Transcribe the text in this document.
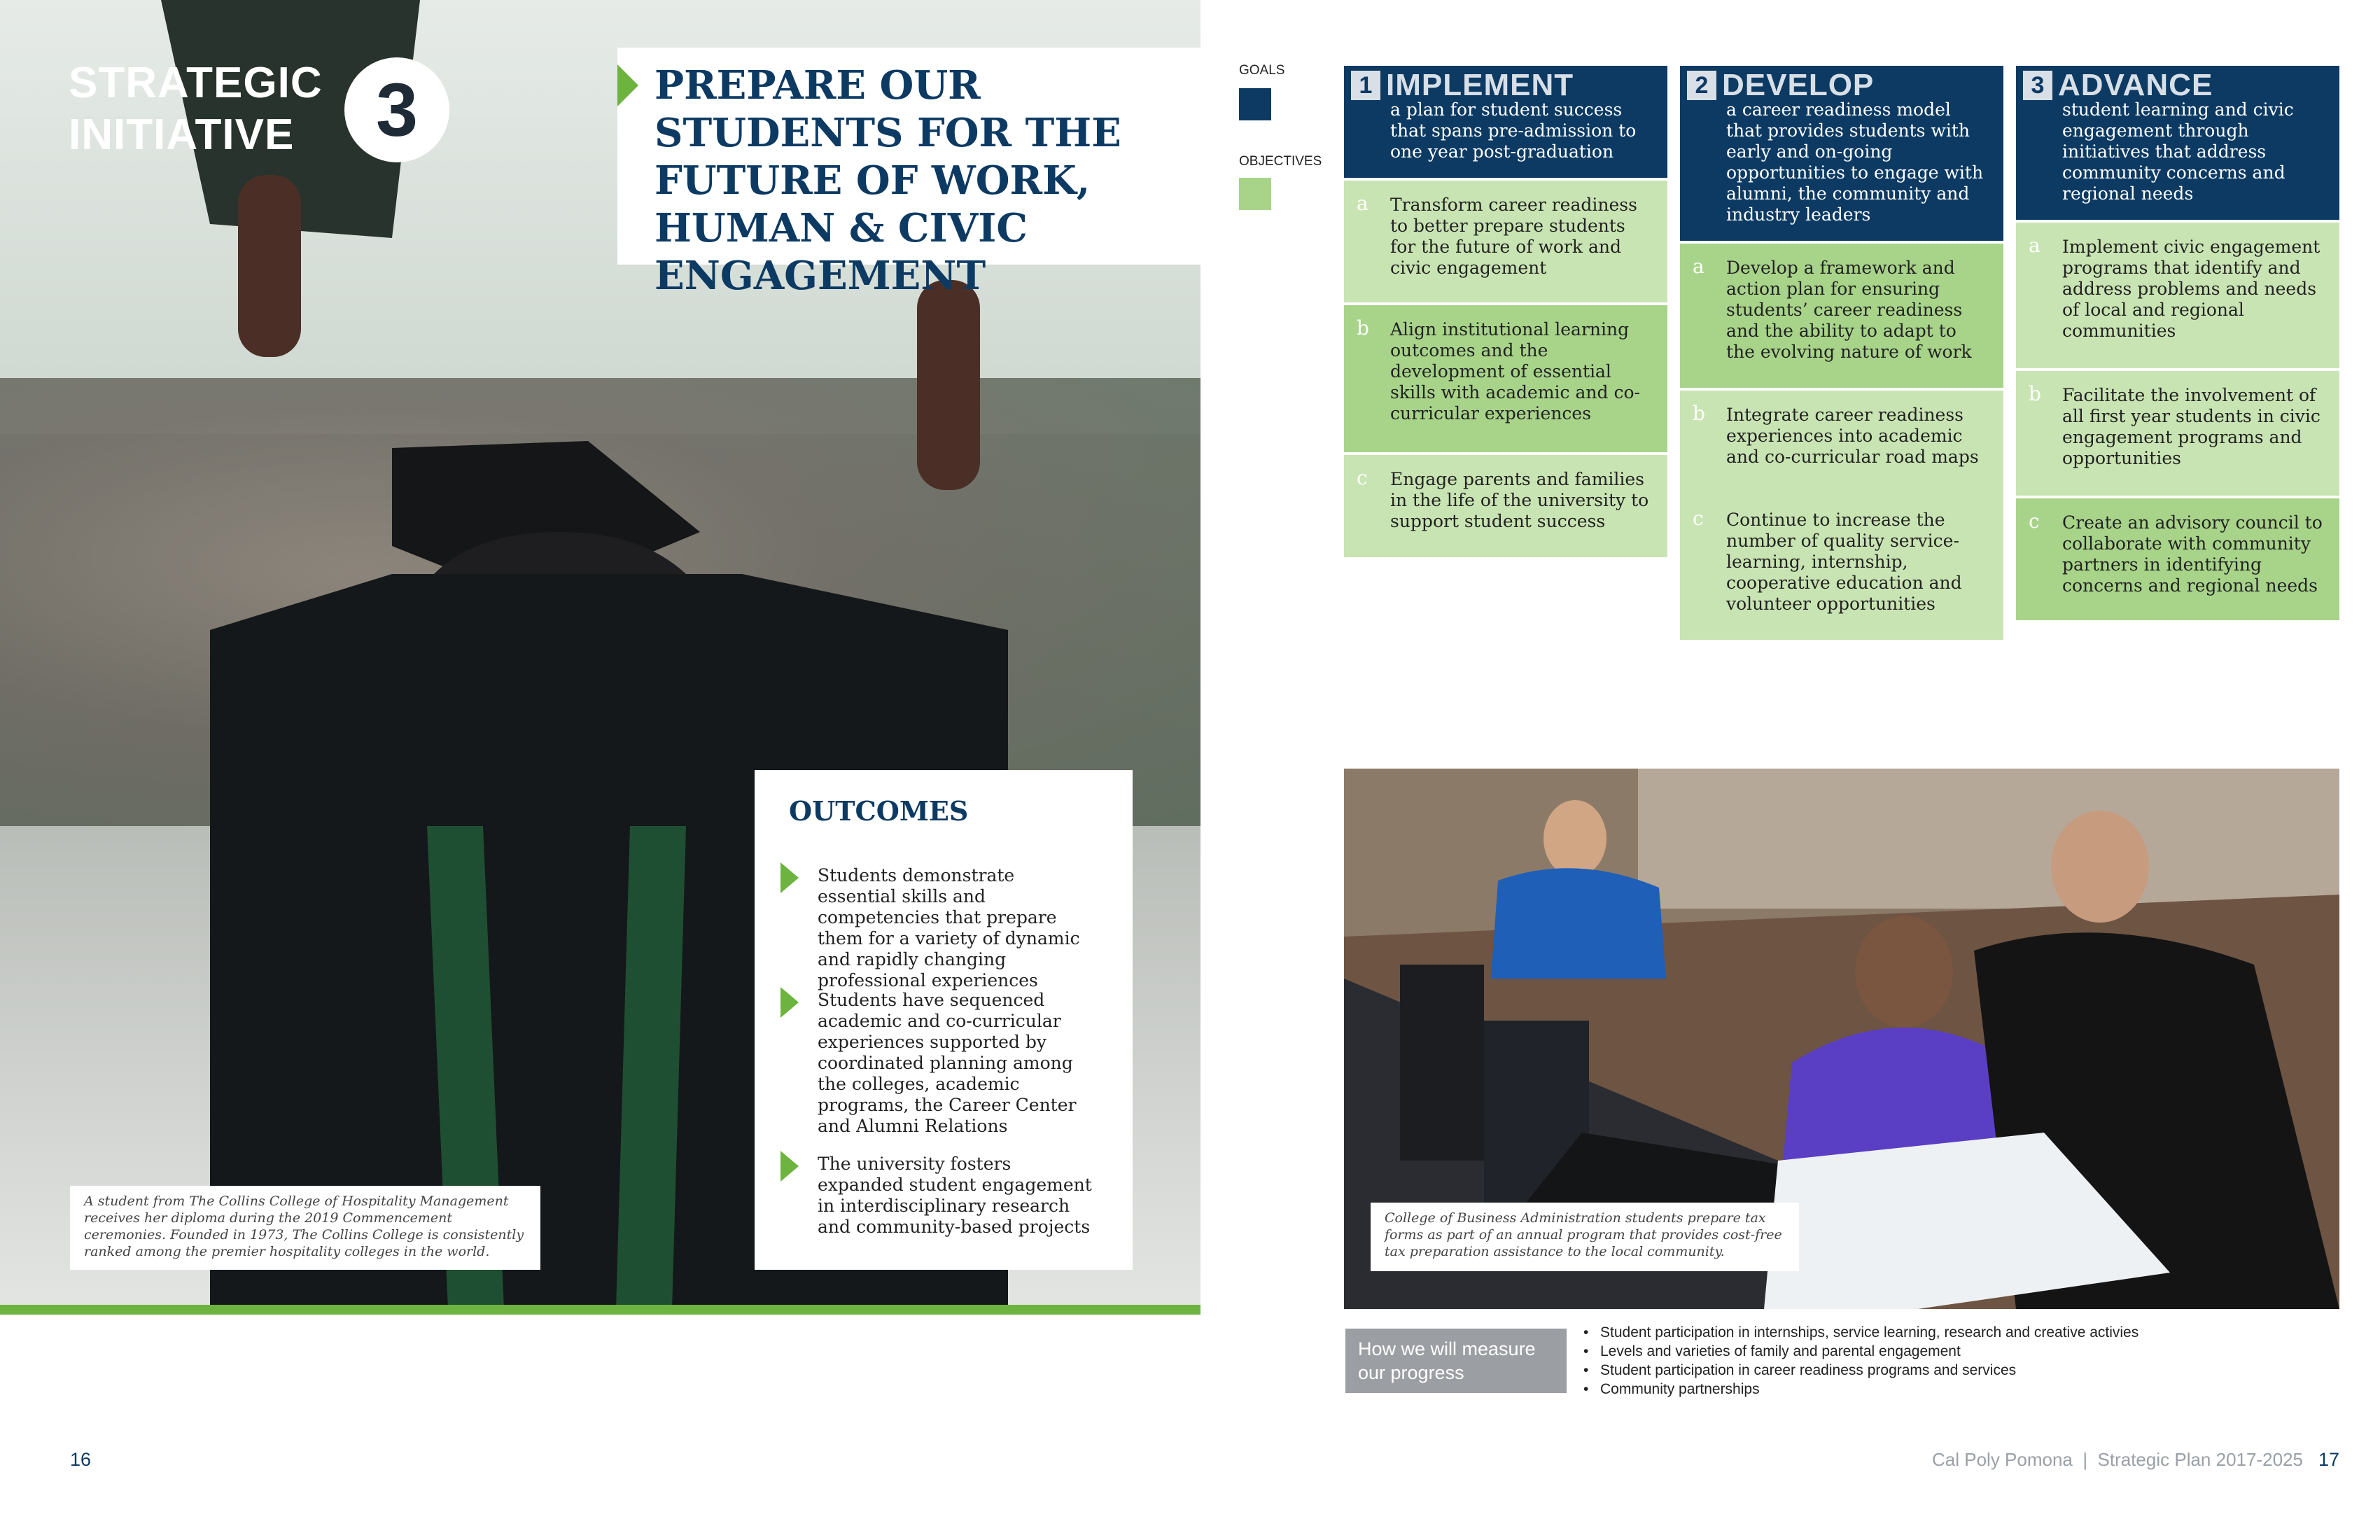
STRATEGIC
INITIATIVE	3	PREPARE OUR STUDENTS FOR THE FUTURE OF WORK, HUMAN & CIVIC ENGAGEMENT
OUTCOMES
Students demonstrate essential skills and competencies that prepare them for a variety of dynamic and rapidly changing professional experiences
Students have sequenced academic and co-curricular experiences supported by coordinated planning among the colleges, academic programs, the Career Center and Alumni Relations
The university fosters expanded student engagement in interdisciplinary research and community-based projects
A student from The Collins College of Hospitality Management receives her diploma during the 2019 Commencement ceremonies. Founded in 1973, The Collins College is consistently ranked among the premier hospitality colleges in the world.
16
GOALS
OBJECTIVES
1 IMPLEMENT
a plan for student success that spans pre-admission to one year post-graduation
a Transform career readiness to better prepare students for the future of work and civic engagement
b Align institutional learning outcomes and the development of essential skills with academic and co-curricular experiences
c Engage parents and families in the life of the university to support student success
2 DEVELOP
a career readiness model that provides students with early and on-going opportunities to engage with alumni, the community and industry leaders
a Develop a framework and action plan for ensuring students’ career readiness and the ability to adapt to the evolving nature of work
b Integrate career readiness experiences into academic and co-curricular road maps
c Continue to increase the number of quality service-learning, internship, cooperative education and volunteer opportunities
3 ADVANCE
student learning and civic engagement through initiatives that address community concerns and regional needs
a Implement civic engagement programs that identify and address problems and needs of local and regional communities
b Facilitate the involvement of all first year students in civic engagement programs and opportunities
c Create an advisory council to collaborate with community partners in identifying concerns and regional needs
College of Business Administration students prepare tax forms as part of an annual program that provides cost-free tax preparation assistance to the local community.
How we will measure our progress
• Student participation in internships, service learning, research and creative activies
• Levels and varieties of family and parental engagement
• Student participation in career readiness programs and services
• Community partnerships
Cal Poly Pomona  |  Strategic Plan 2017-2025 17
